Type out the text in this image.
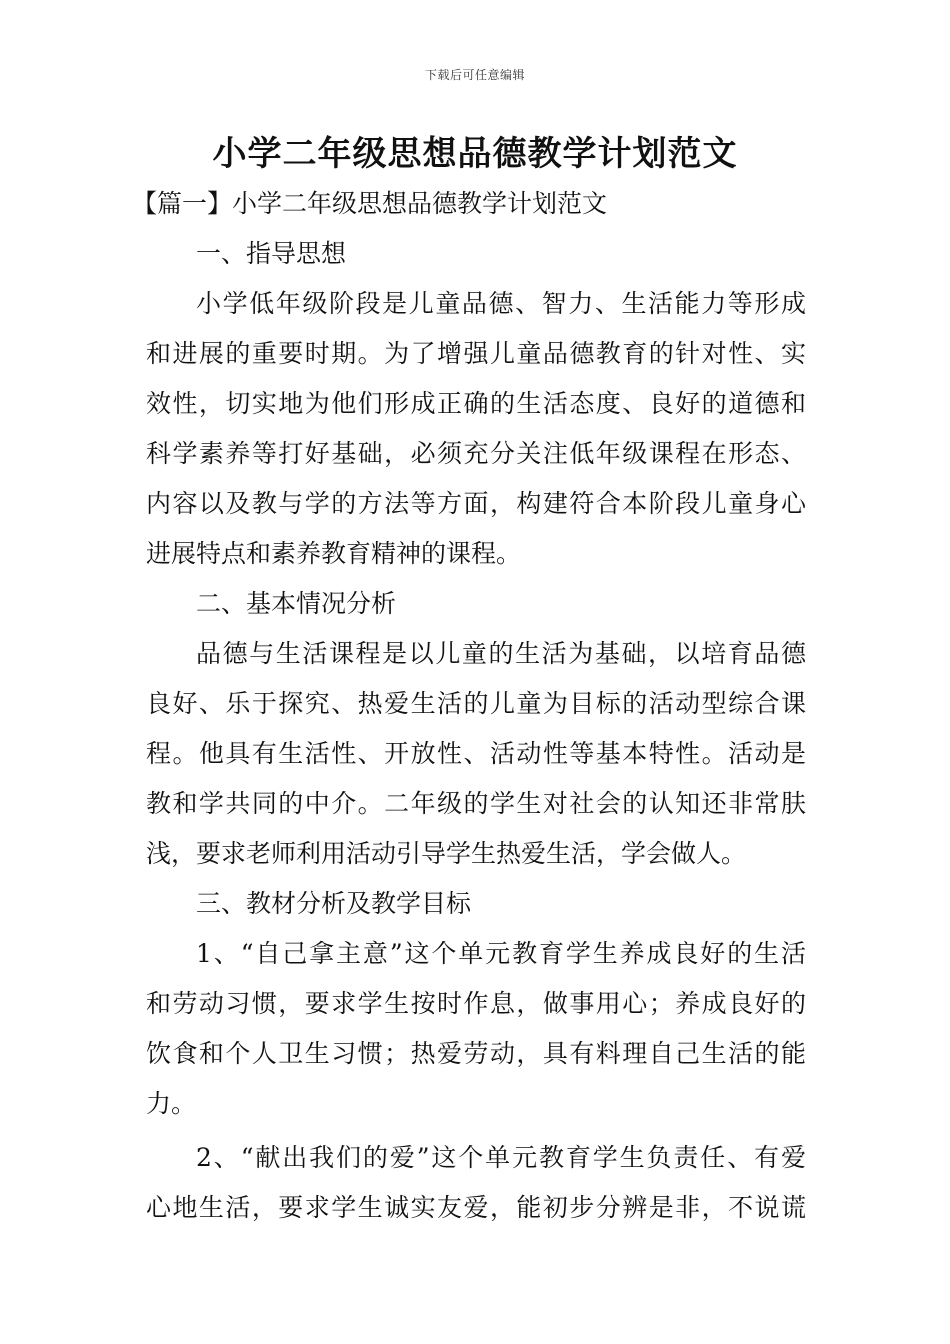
下载后可任意编辑
小学二年级思想品德教学计划范文
【篇一】小学二年级思想品德教学计划范文
一、指导思想
小学低年级阶段是儿童品德、智力、生活能力等形成
和进展的重要时期。为了增强儿童品德教育的针对性、实
效性，切实地为他们形成正确的生活态度、良好的道德和
科学素养等打好基础，必须充分关注低年级课程在形态、
内容以及教与学的方法等方面，构建符合本阶段儿童身心
进展特点和素养教育精神的课程。
二、基本情况分析
品德与生活课程是以儿童的生活为基础，以培育品德
良好、乐于探究、热爱生活的儿童为目标的活动型综合课
程。他具有生活性、开放性、活动性等基本特性。活动是
教和学共同的中介。二年级的学生对社会的认知还非常肤
浅，要求老师利用活动引导学生热爱生活，学会做人。
三、教材分析及教学目标
1、“自己拿主意”这个单元教育学生养成良好的生活
和劳动习惯，要求学生按时作息，做事用心；养成良好的
饮食和个人卫生习惯；热爱劳动，具有料理自己生活的能
力。
2、“献出我们的爱”这个单元教育学生负责任、有爱
心地生活，要求学生诚实友爱，能初步分辨是非，不说谎
